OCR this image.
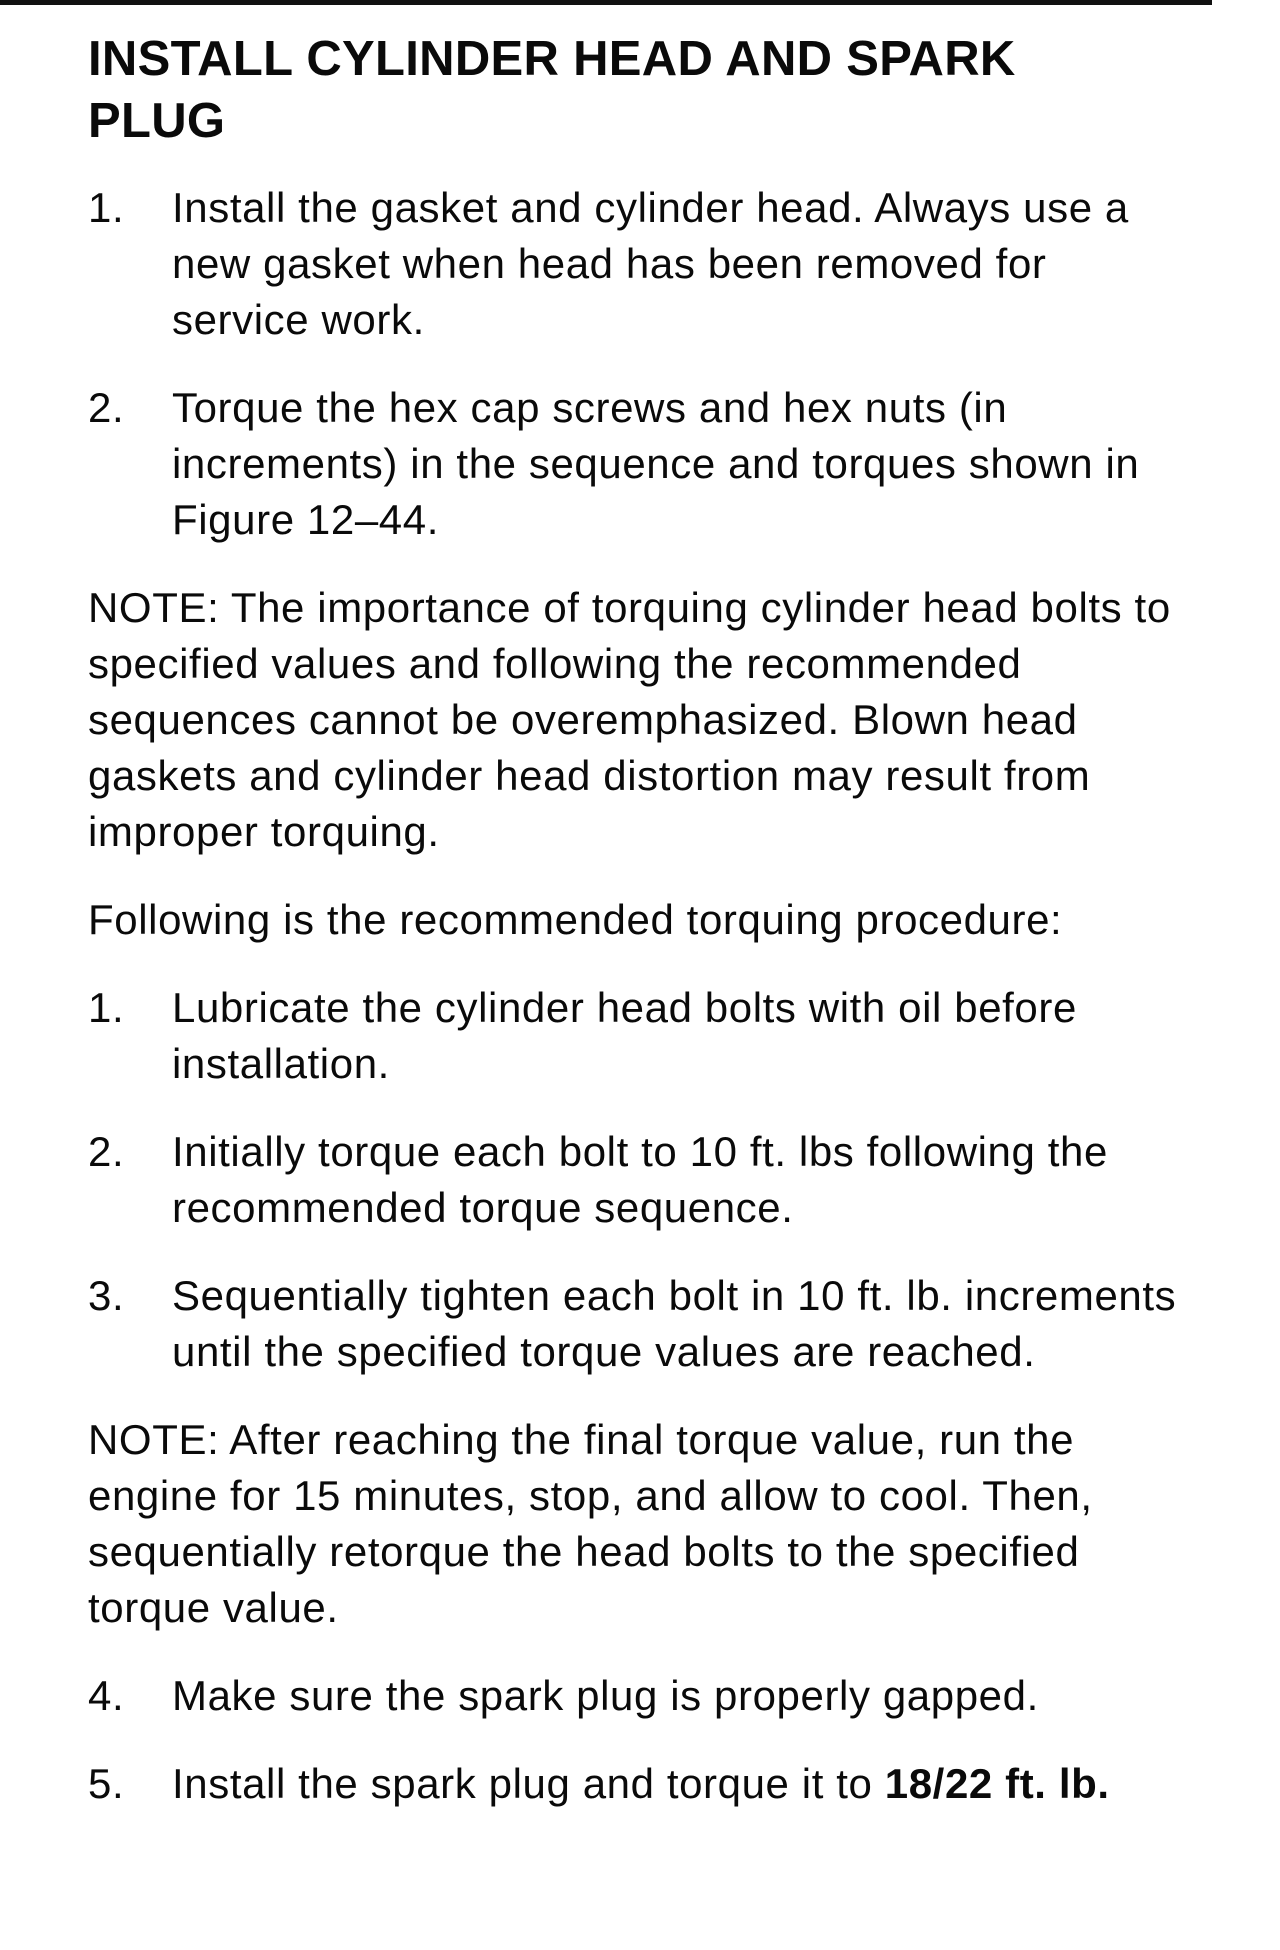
INSTALL CYLINDER HEAD AND SPARK PLUG
1.	Install the gasket and cylinder head. Always use a new gasket when head has been removed for service work.
2.	Torque the hex cap screws and hex nuts (in increments) in the sequence and torques shown in Figure 12–44.

NOTE: The importance of torquing cylinder head bolts to specified values and following the recommended sequences cannot be overemphasized. Blown head gaskets and cylinder head distortion may result from improper torquing.

Following is the recommended torquing procedure:

1.	Lubricate the cylinder head bolts with oil before installation.
2.	Initially torque each bolt to 10 ft. lbs following the recommended torque sequence.
3.	Sequentially tighten each bolt in 10 ft. lb. increments until the specified torque values are reached.

NOTE: After reaching the final torque value, run the engine for 15 minutes, stop, and allow to cool. Then, sequentially retorque the head bolts to the specified torque value.

4.	Make sure the spark plug is properly gapped.
5.	Install the spark plug and torque it to 18/22 ft. lb.
